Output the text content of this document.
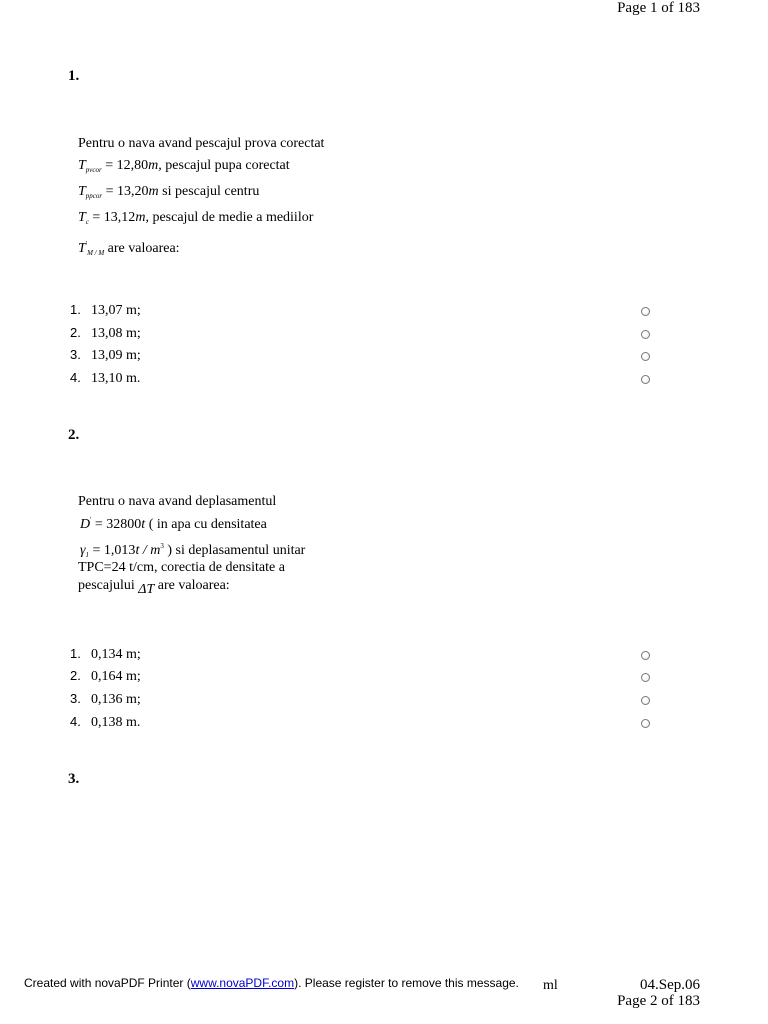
Page 1 of 183
1.
Pentru o nava avand pescajul prova corectat
$T_{pvcor} = 12,80m$, pescajul pupa corectat
$T_{ppcor} = 13,20m$ si pescajul centru
$T_c = 13,12m$, pescajul de medie a mediilor
$T'_{M / M}$ are valoarea:
1. 13,07 m;
2. 13,08 m;
3. 13,09 m;
4. 13,10 m.
2.
Pentru o nava avand deplasamentul
D' = 32800t ( in apa cu densitatea
$\gamma_1 = 1,013t / m^3$ ) si deplasamentul unitar
TPC=24 t/cm, corectia de densitate a
pescajului ΔT are valoarea:
1. 0,134 m;
2. 0,164 m;
3. 0,136 m;
4. 0,138 m.
3.
Created with novaPDF Printer (www.novaPDF.com). Please register to remove this message. ml	04.Sep.06
Page 2 of 183
